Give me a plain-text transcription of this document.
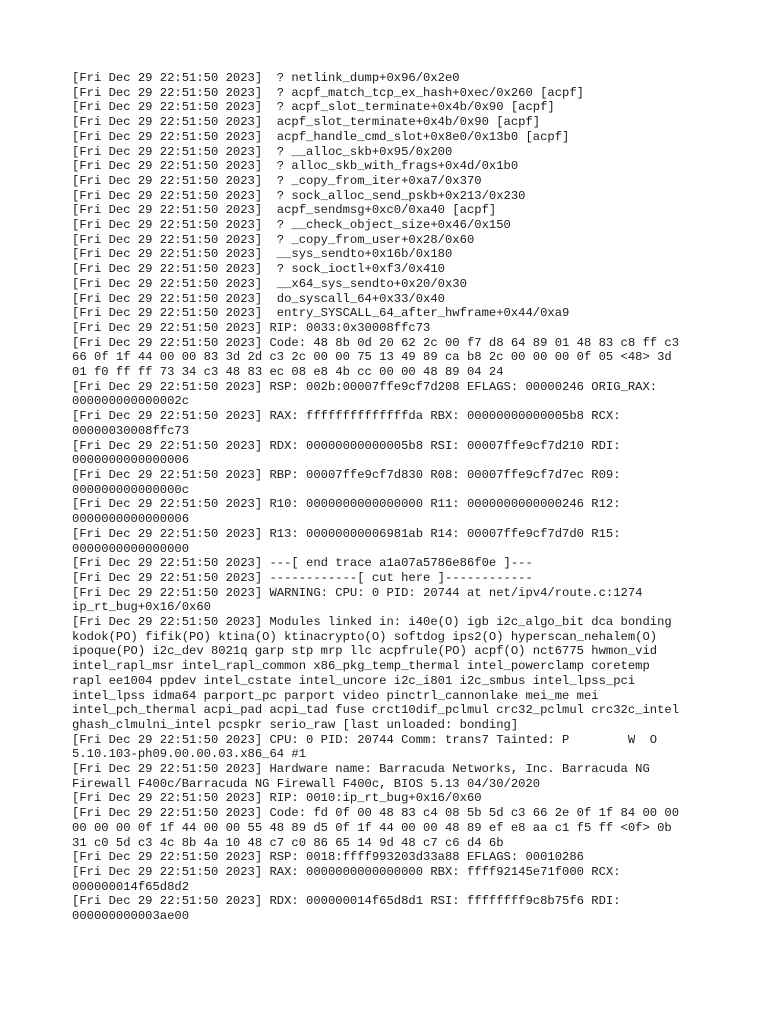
[Fri Dec 29 22:51:50 2023]  ? netlink_dump+0x96/0x2e0
[Fri Dec 29 22:51:50 2023]  ? acpf_match_tcp_ex_hash+0xec/0x260 [acpf]
[Fri Dec 29 22:51:50 2023]  ? acpf_slot_terminate+0x4b/0x90 [acpf]
[Fri Dec 29 22:51:50 2023]  acpf_slot_terminate+0x4b/0x90 [acpf]
[Fri Dec 29 22:51:50 2023]  acpf_handle_cmd_slot+0x8e0/0x13b0 [acpf]
[Fri Dec 29 22:51:50 2023]  ? __alloc_skb+0x95/0x200
[Fri Dec 29 22:51:50 2023]  ? alloc_skb_with_frags+0x4d/0x1b0
[Fri Dec 29 22:51:50 2023]  ? _copy_from_iter+0xa7/0x370
[Fri Dec 29 22:51:50 2023]  ? sock_alloc_send_pskb+0x213/0x230
[Fri Dec 29 22:51:50 2023]  acpf_sendmsg+0xc0/0xa40 [acpf]
[Fri Dec 29 22:51:50 2023]  ? __check_object_size+0x46/0x150
[Fri Dec 29 22:51:50 2023]  ? _copy_from_user+0x28/0x60
[Fri Dec 29 22:51:50 2023]  __sys_sendto+0x16b/0x180
[Fri Dec 29 22:51:50 2023]  ? sock_ioctl+0xf3/0x410
[Fri Dec 29 22:51:50 2023]  __x64_sys_sendto+0x20/0x30
[Fri Dec 29 22:51:50 2023]  do_syscall_64+0x33/0x40
[Fri Dec 29 22:51:50 2023]  entry_SYSCALL_64_after_hwframe+0x44/0xa9
[Fri Dec 29 22:51:50 2023] RIP: 0033:0x30008ffc73
[Fri Dec 29 22:51:50 2023] Code: 48 8b 0d 20 62 2c 00 f7 d8 64 89 01 48 83 c8 ff c3
66 0f 1f 44 00 00 83 3d 2d c3 2c 00 00 75 13 49 89 ca b8 2c 00 00 00 0f 05 <48> 3d
01 f0 ff ff 73 34 c3 48 83 ec 08 e8 4b cc 00 00 48 89 04 24
[Fri Dec 29 22:51:50 2023] RSP: 002b:00007ffe9cf7d208 EFLAGS: 00000246 ORIG_RAX:
000000000000002c
[Fri Dec 29 22:51:50 2023] RAX: ffffffffffffffda RBX: 00000000000005b8 RCX:
00000030008ffc73
[Fri Dec 29 22:51:50 2023] RDX: 00000000000005b8 RSI: 00007ffe9cf7d210 RDI:
0000000000000006
[Fri Dec 29 22:51:50 2023] RBP: 00007ffe9cf7d830 R08: 00007ffe9cf7d7ec R09:
000000000000000c
[Fri Dec 29 22:51:50 2023] R10: 0000000000000000 R11: 0000000000000246 R12:
0000000000000006
[Fri Dec 29 22:51:50 2023] R13: 00000000006981ab R14: 00007ffe9cf7d7d0 R15:
0000000000000000
[Fri Dec 29 22:51:50 2023] ---[ end trace a1a07a5786e86f0e ]---
[Fri Dec 29 22:51:50 2023] ------------[ cut here ]------------
[Fri Dec 29 22:51:50 2023] WARNING: CPU: 0 PID: 20744 at net/ipv4/route.c:1274
ip_rt_bug+0x16/0x60
[Fri Dec 29 22:51:50 2023] Modules linked in: i40e(O) igb i2c_algo_bit dca bonding
kodok(PO) fifik(PO) ktina(O) ktinacrypto(O) softdog ips2(O) hyperscan_nehalem(O)
ipoque(PO) i2c_dev 8021q garp stp mrp llc acpfrule(PO) acpf(O) nct6775 hwmon_vid
intel_rapl_msr intel_rapl_common x86_pkg_temp_thermal intel_powerclamp coretemp
rapl ee1004 ppdev intel_cstate intel_uncore i2c_i801 i2c_smbus intel_lpss_pci
intel_lpss idma64 parport_pc parport video pinctrl_cannonlake mei_me mei
intel_pch_thermal acpi_pad acpi_tad fuse crct10dif_pclmul crc32_pclmul crc32c_intel
ghash_clmulni_intel pcspkr serio_raw [last unloaded: bonding]
[Fri Dec 29 22:51:50 2023] CPU: 0 PID: 20744 Comm: trans7 Tainted: P        W  O
5.10.103-ph09.00.00.03.x86_64 #1
[Fri Dec 29 22:51:50 2023] Hardware name: Barracuda Networks, Inc. Barracuda NG
Firewall F400c/Barracuda NG Firewall F400c, BIOS 5.13 04/30/2020
[Fri Dec 29 22:51:50 2023] RIP: 0010:ip_rt_bug+0x16/0x60
[Fri Dec 29 22:51:50 2023] Code: fd 0f 00 48 83 c4 08 5b 5d c3 66 2e 0f 1f 84 00 00
00 00 00 0f 1f 44 00 00 55 48 89 d5 0f 1f 44 00 00 48 89 ef e8 aa c1 f5 ff <0f> 0b
31 c0 5d c3 4c 8b 4a 10 48 c7 c0 86 65 14 9d 48 c7 c6 d4 6b
[Fri Dec 29 22:51:50 2023] RSP: 0018:ffff993203d33a88 EFLAGS: 00010286
[Fri Dec 29 22:51:50 2023] RAX: 0000000000000000 RBX: ffff92145e71f000 RCX:
000000014f65d8d2
[Fri Dec 29 22:51:50 2023] RDX: 000000014f65d8d1 RSI: ffffffff9c8b75f6 RDI:
000000000003ae00
